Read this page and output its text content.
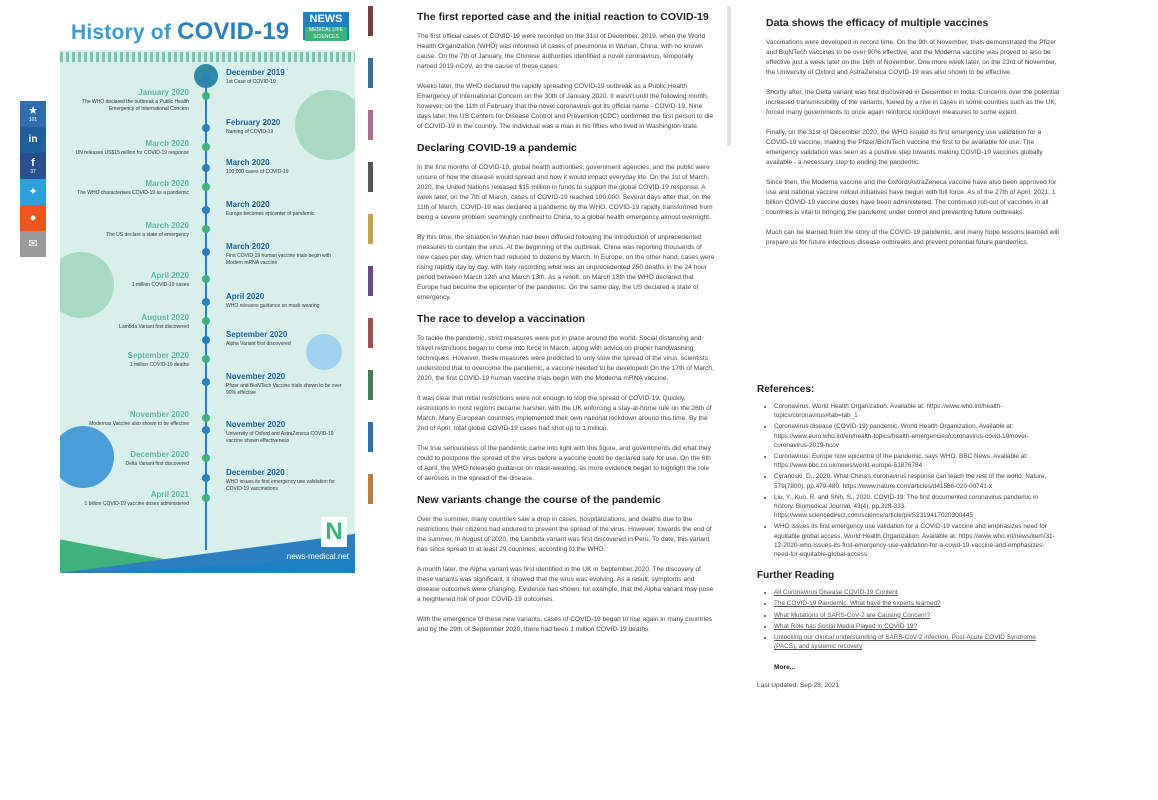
★
101
in
f
37
✦
●
✉
History of COVID-19	NEWS
MEDICAL LIFE SCIENCES
N
news-medical.net
December 2019
1st Case of COVID-19
February 2020
Naming of COVID-19
March 2020
100,000 cases of COVID-19
March 2020
Europe becomes epicenter of pandemic
March 2020
First COVID-19 human vaccine trials begin with Modern mRNA vaccine
April 2020
WHO releases guidance on mask wearing
September 2020
Alpha Variant first discovered
November 2020
Pfizer and BioNTech Vaccine trials shown to be over 90% effective
November 2020
University of Oxford and AstraZeneca COVID-19 vaccine shown effectiveness
December 2020
WHO issues its first emergency use validation for COVID-19 vaccinations
January 2020
The WHO declared the outbreak a Public Health Emergency of International Concern
March 2020
UN releases US$15 million for COVID-19 response
March 2020
The WHO characterises COVID-19 as a pandemic
March 2020
The US declare a state of emergency
April 2020
1 million COVID-19 cases
August 2020
Lambda Variant first discovered
September 2020
1 million COVID-19 deaths
November 2020
Modernas Vaccine also shown to be effective
December 2020
Delta Variant first discovered
April 2021
1 billion COVID-19 vaccine doses administered
The first reported case and the initial reaction to COVID-19

The first official cases of COVID-19 were recorded on the 31st of December, 2019, when the World Health Organization (WHO) was informed of cases of pneumonia in Wuhan, China, with no known cause. On the 7th of January, the Chinese authorities identified a novel coronavirus, temporally named 2019-nCoV, as the cause of these cases.

Weeks later, the WHO declared the rapidly spreading COVID-19 outbreak as a Public Health Emergency of International Concern on the 30th of January 2020. It wasn't until the following month, however, on the 11th of February that the novel coronavirus got its official name - COVID-19. Nine days later, the US Centers for Disease Control and Prevention (CDC) confirmed the first person to die of COVID-19 in the country. The individual was a man in his fifties who lived in Washington state.

Declaring COVID-19 a pandemic

In the first months of COVID-19, global health authorities, government agencies, and the public were unsure of how the disease would spread and how it would impact everyday life. On the 1st of March, 2020, the United Nations released $15 million in funds to support the global COVID-19 response. A week later, on the 7th of March, cases of COVID-19 reached 100,000. Several days after that, on the 11th of March, COVID-19 was declared a pandemic by the WHO. COVID-19 rapidly transformed from being a severe problem seemingly confined to China, to a global health emergency almost overnight.

By this time, the situation in Wuhan had been diffused following the introduction of unprecedented measures to contain the virus. At the beginning of the outbreak, China was reporting thousands of new cases per day, which had reduced to dozens by March. In Europe, on the other hand, cases were rising rapidly day by day, with Italy recording what was an unprecedented 250 deaths in the 24 hour period between March 12th and March 13th. As a result, on March 13th the WHO declared that Europe had become the epicenter of the pandemic. On the same day, the US declared a state of emergency.

The race to develop a vaccination

To tackle the pandemic, strict measures were put in place around the world. Social distancing and travel restrictions began to come into force in March, along with advice on proper handwashing techniques. However, these measures were predicted to only slow the spread of the virus, scientists understood that to overcome the pandemic, a vaccine needed to be developed/ On the 17th of March, 2020, the first COVID-19 human vaccine trials begin with the Moderna mRNA vaccine.

It was clear that initial restrictions were not enough to stop the spread of COVID-19. Quickly, restrictions in most regions became harsher, with the UK enforcing a stay-at-home rule on the 26th of March. Many European countries implemented their own national lockdown around this time. By the 2nd of April, total global COVID-19 cases had shot up to 1 million.

The true seriousness of the pandemic came into light with this figure, and governments did what they could to postpone the spread of the virus before a vaccine could be declared safe for use. On the 6th of April, the WHO released guidance on mask-wearing, as more evidence began to highlight the role of aerosols in the spread of the disease.

New variants change the course of the pandemic

Over the summer, many countries saw a drop in cases, hospitalizations, and deaths due to the restrictions their citizens had endured to prevent the spread of the virus. However, towards the end of the summer, in August of 2020, the Lambda variant was first discovered in Peru. To date, this variant has since spread to at least 29 countries, according to the WHO.

A month later, the Alpha variant was first identified in the UK in September 2020. The discovery of these variants was significant, it showed that the virus was evolving. As a result, symptoms and disease outcomes were changing. Evidence has shown, for example, that the Alpha variant may pose a heightened risk of poor COVID-19 outcomes.

With the emergence of these new variants, cases of COVID-19 began to rise again in many countries and by the 29th of September 2020, there had been 1 million COVID-19 deaths.

Data shows the efficacy of multiple vaccines

Vaccinations were developed in record time. On the 9th of November, trials demonstrated the Pfizer and BioNTech vaccines to be over 90% effective, and the Moderna vaccine was proved to also be effective just a week later on the 16th of November. One more week later, on the 23rd of November, the University of Oxford and AstraZeneca COVID-19 was also shown to be effective.

Shortly after, the Delta variant was first discovered in December in India. Concerns over the potential increased transmissibility of the variants, fueled by a rise in cases in some counties such as the UK, forced many governments to once again reinforce lockdown measures to some extent.

Finally, on the 31st of December 2020, the WHO issued its first emergency use validation for a COVID-19 vaccine, making the Pfizer/BioNTech vaccine the first to be available for use. The emergency validation was seen as a positive step towards making COVID-19 vaccines globally available - a necessary step to ending the pandemic.

Since then, the Moderna vaccine and the Oxford/AstraZeneca vaccine have also been approved for use and national vaccine rollout initiatives have begun with full force. As of the 27th of April, 2021, 1 billion COVID-19 vaccine doses have been administered. The continued roll-out of vaccines in all countries is vital to bringing the pandemic under control and preventing future outbreaks.

Much can be learned from the story of the COVID-19 pandemic, and many hope lessons learned will prepare us for future infectious disease outbreaks and prevent potential future pandemics.

References:
• Coronavirus. World Health Organization. Available at: https://www.who.int/health-topics/coronavirus#tab=tab_1
• Coronavirus disease (COVID-19) pandemic. World Health Organization. Available at: https://www.euro.who.int/en/health-topics/health-emergencies/coronavirus-covid-19/novel-coronavirus-2019-ncov
• Coronavirus: Europe now epicentre of the pandemic, says WHO. BBC News. Available at: https://www.bbc.co.uk/news/world-europe-51876784
• Cyranoski, D., 2020. What China's coronavirus response can teach the rest of the world. Nature, 579(7800), pp.479-480. https://www.nature.com/articles/d41586-020-00741-x
• Liu, Y., Kuo, R. and Shih, S., 2020. COVID-19: The first documented coronavirus pandemic in history. Biomedical Journal, 43(4), pp.328-333. https://www.sciencedirect.com/science/article/pii/S2319417020300445
• WHO issues its first emergency use validation for a COVID-19 vaccine and emphasizes need for equitable global access. World Health Organization. Available at: https://www.who.int/news/item/31-12-2020-who-issues-its-first-emergency-use-validation-for-a-covid-19-vaccine-and-emphasizes-need-for-equitable-global-access
Further Reading
• All Coronavirus Disease COVID-19 Content
• The COVID-19 Pandemic: What have the experts learned?
• What Mutations of SARS-CoV-2 are Causing Concern?
• What Role has Social Media Played in COVID-19?
• Unlocking our clinical understanding of SARS-CoV-2 infection, Post-Acute COVID Syndrome (PACS), and systemic recovery
More...
Last Updated: Sep 28, 2021
